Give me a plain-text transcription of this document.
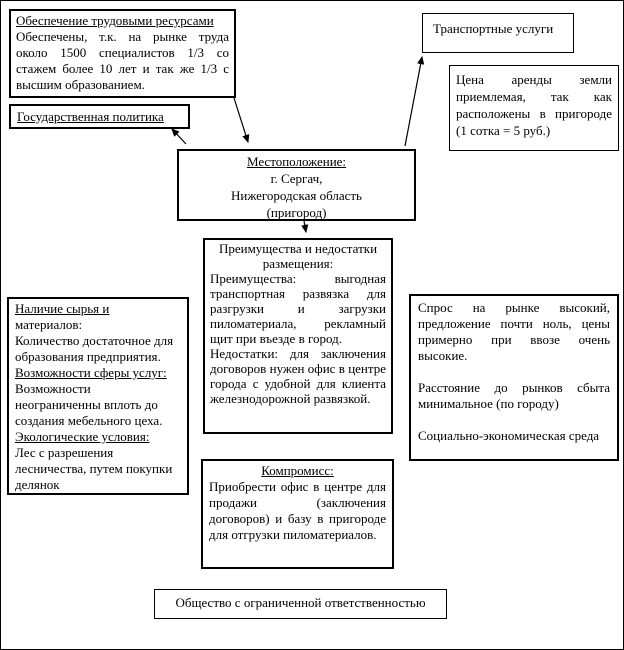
Обеспечение трудовыми ресурсами

Обеспечены, т.к. на рынке труда около 1500 специалистов 1/3 со стажем более 10 лет и так же 1/3 с высшим образованием.

Государственная политика
Транспортные услуги

Цена аренды земли приемлемая, так как расположены в пригороде (1 сотка = 5 руб.)

Местоположение:
г. Сергач,
Нижегородская область
(пригород)

Преимущества и недостатки размещения:

Преимущества: выгодная транспортная развязка для разгрузки и загрузки пиломатериала, рекламный щит при въезде в город.

Недостатки: для заключения договоров нужен офис в центре города с удобной для клиента железнодорожной развязкой.

Наличие сырья и
материалов:
Количество достаточное для
образования предприятия.
Возможности сферы услуг:
Возможности
неограниченны вплоть до
создания мебельного цеха.
Экологические условия:
Лес с разрешения
лесничества, путем покупки
делянок

Спрос на рынке высокий, предложение почти ноль, цены примерно при ввозе очень высокие.

Расстояние до рынков сбыта минимальное (по городу)

Социально-экономическая среда

Компромисс:

Приобрести офис в центре для продажи (заключения договоров) и базу в пригороде для отгрузки пиломатериалов.

Общество с ограниченной ответственностью
